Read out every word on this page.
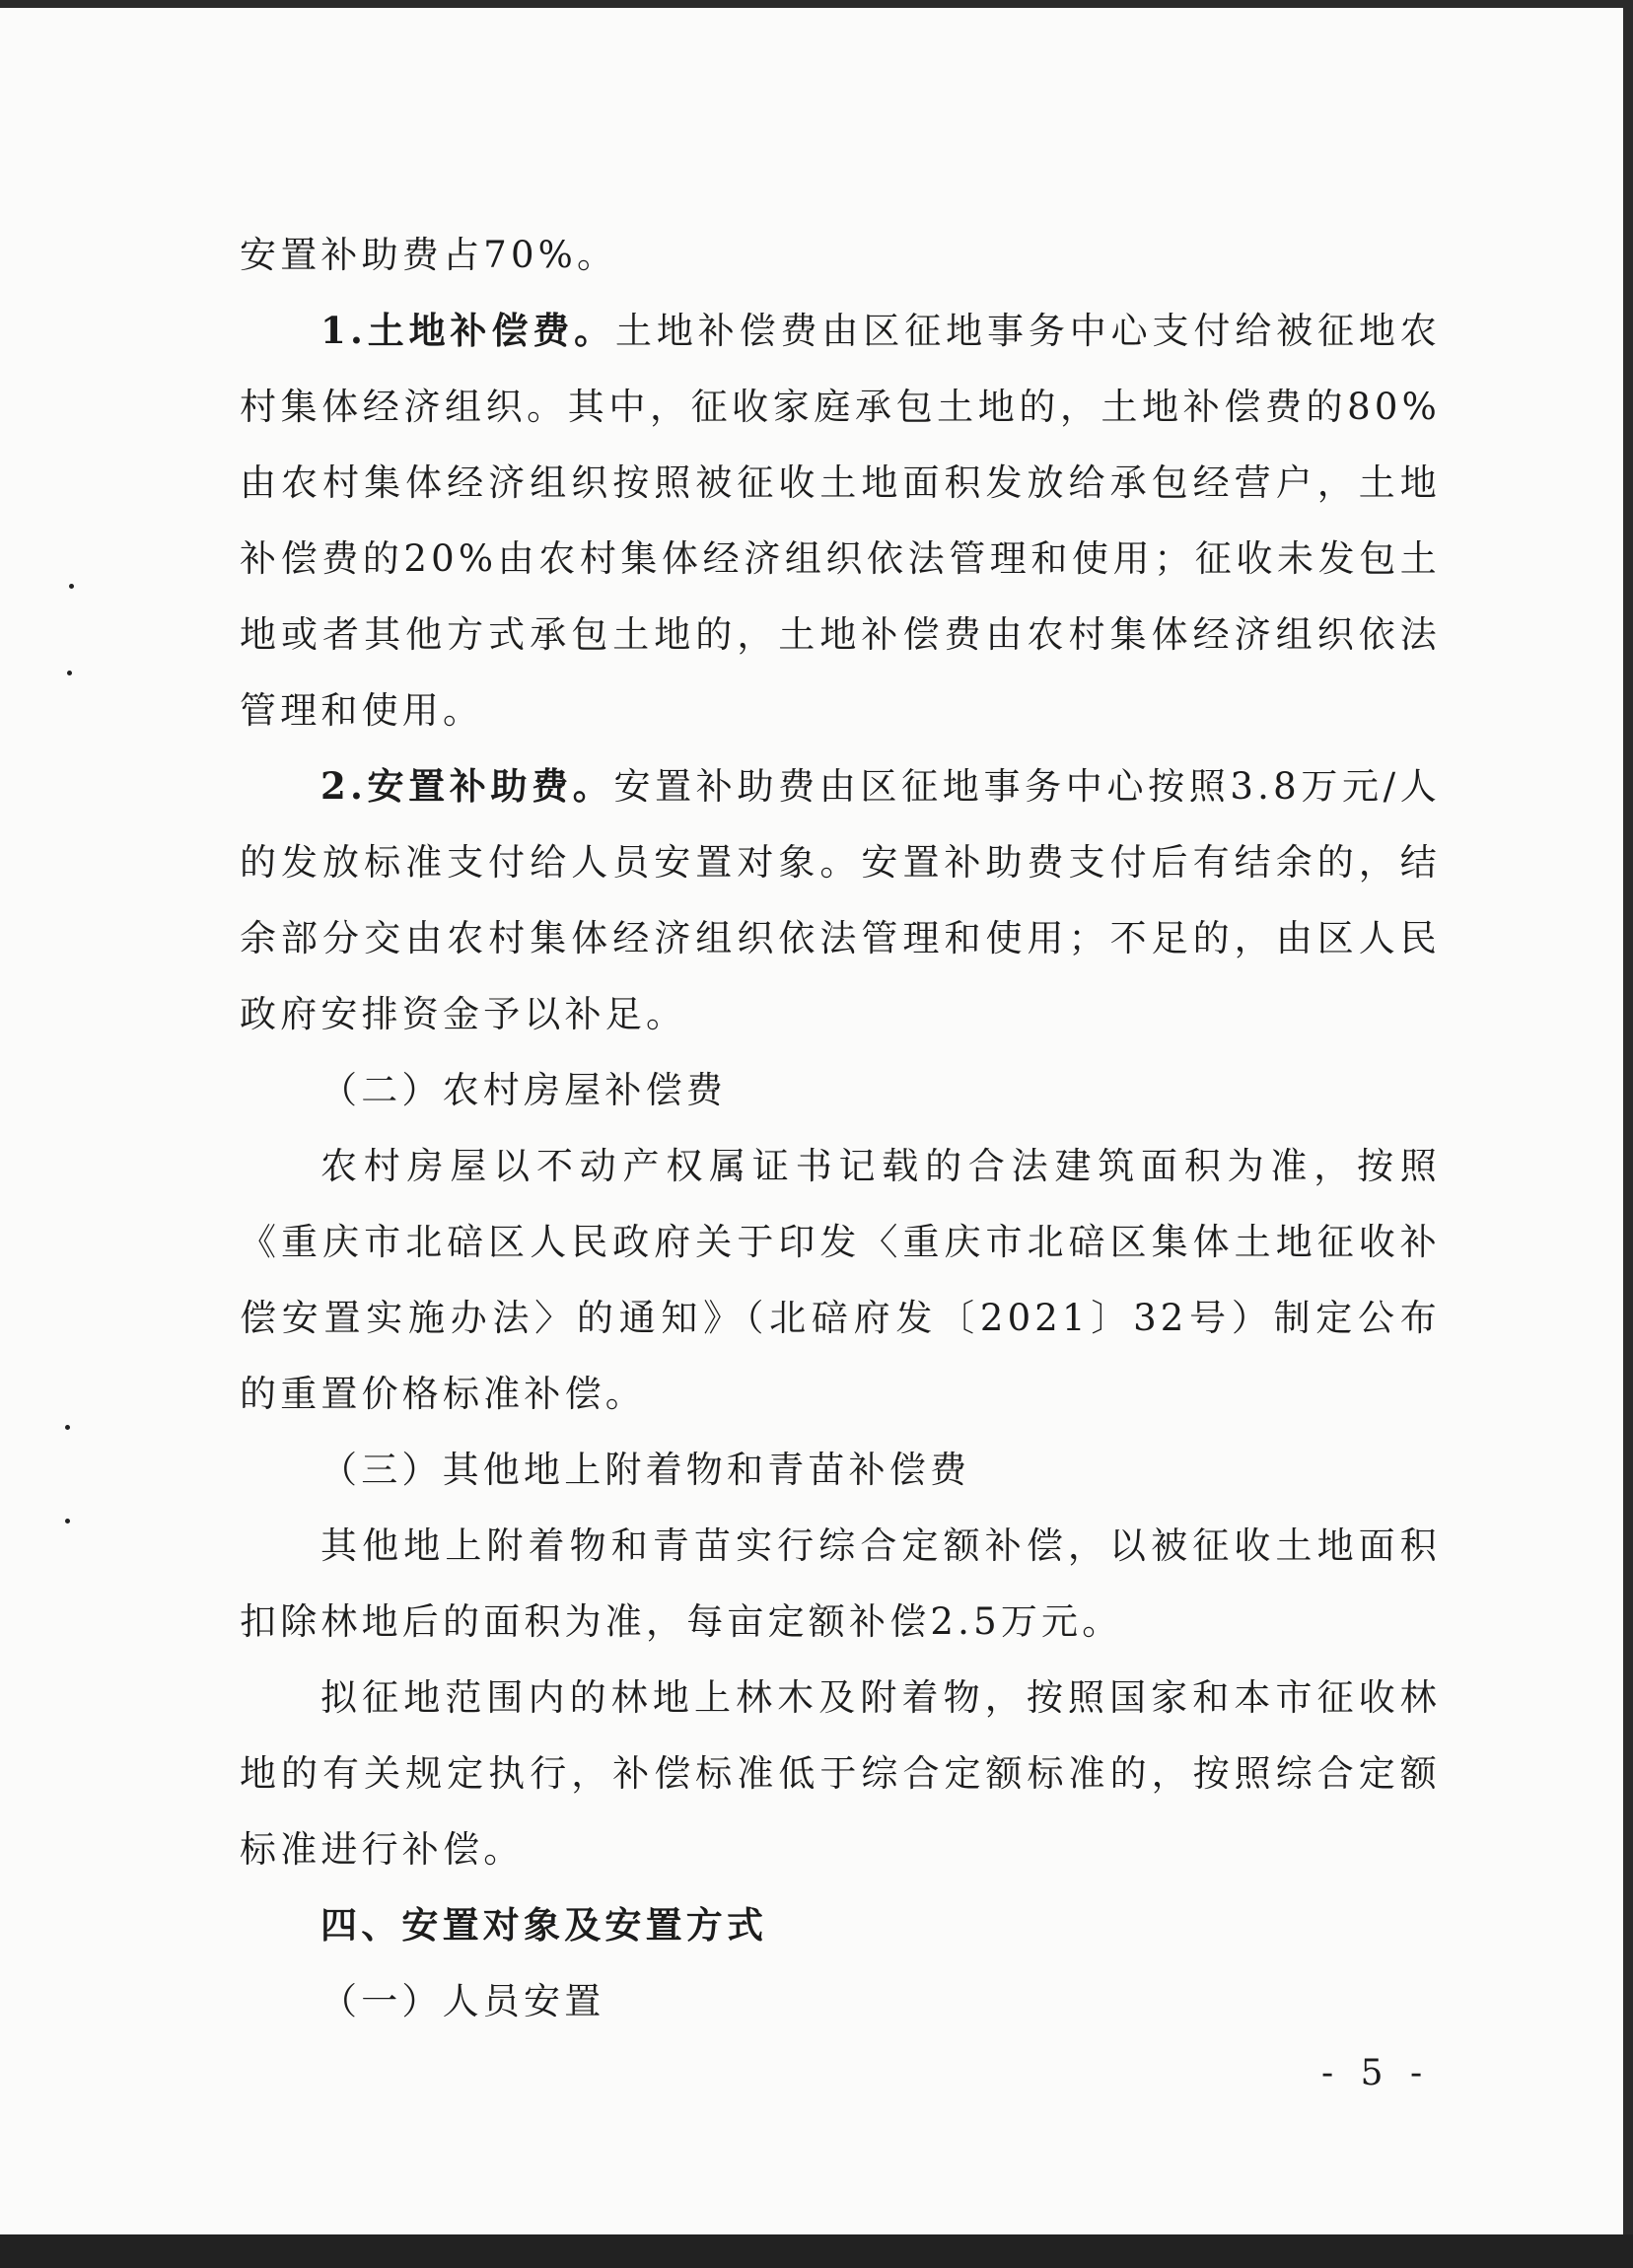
安置补助费占70%。

1.土地补偿费。土地补偿费由区征地事务中心支付给被征地农村集体经济组织。其中，征收家庭承包土地的，土地补偿费的80%由农村集体经济组织按照被征收土地面积发放给承包经营户，土地补偿费的20%由农村集体经济组织依法管理和使用；征收未发包土地或者其他方式承包土地的，土地补偿费由农村集体经济组织依法管理和使用。

2.安置补助费。安置补助费由区征地事务中心按照3.8万元/人的发放标准支付给人员安置对象。安置补助费支付后有结余的，结余部分交由农村集体经济组织依法管理和使用；不足的，由区人民政府安排资金予以补足。

（二）农村房屋补偿费

农村房屋以不动产权属证书记载的合法建筑面积为准，按照《重庆市北碚区人民政府关于印发〈重庆市北碚区集体土地征收补偿安置实施办法〉的通知》（北碚府发〔2021〕32号）制定公布的重置价格标准补偿。

（三）其他地上附着物和青苗补偿费

其他地上附着物和青苗实行综合定额补偿，以被征收土地面积扣除林地后的面积为准，每亩定额补偿2.5万元。

拟征地范围内的林地上林木及附着物，按照国家和本市征收林地的有关规定执行，补偿标准低于综合定额标准的，按照综合定额标准进行补偿。

四、安置对象及安置方式

（一）人员安置

- 5 -
